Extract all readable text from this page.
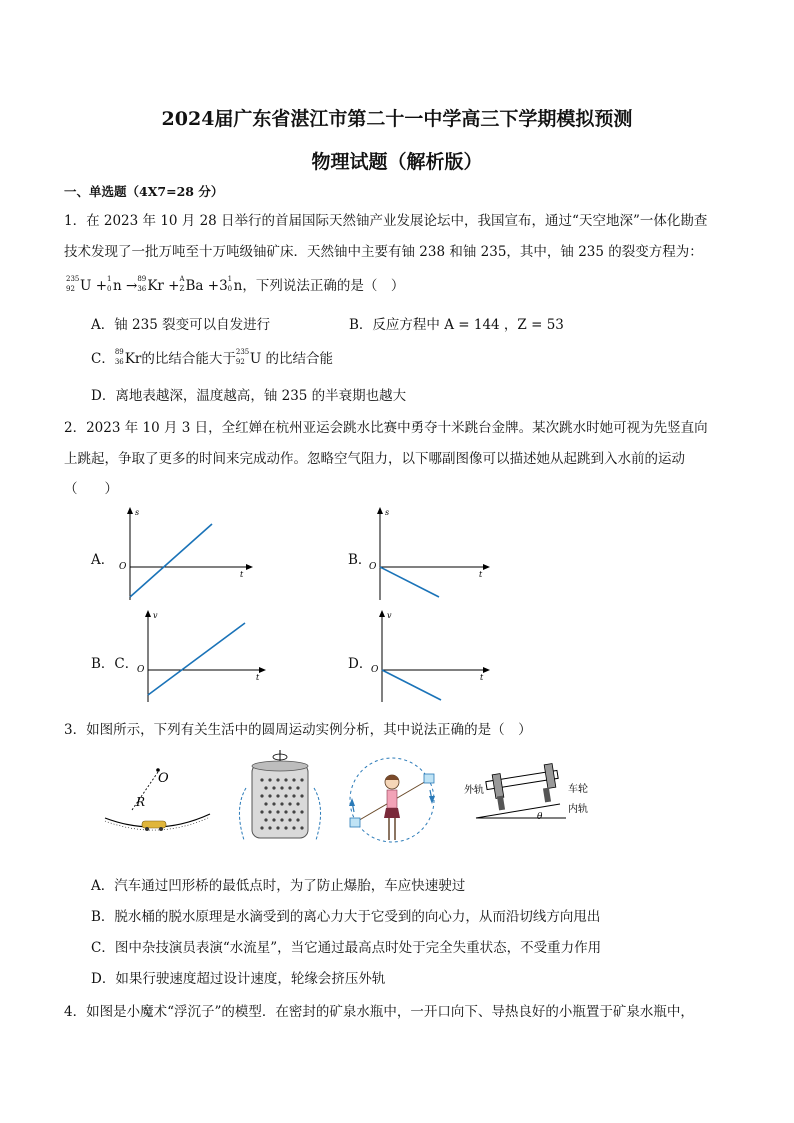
2024届广东省湛江市第二十一中学高三下学期模拟预测
物理试题（解析版）
一、单选题（4X7=28 分）
1．在 2023 年 10 月 28 日举行的首届国际天然铀产业发展论坛中，我国宣布，通过“天空地深”一体化勘查
技术发现了一批万吨至十万吨级铀矿床．天然铀中主要有铀 238 和铀 235，其中，铀 235 的裂变方程为：
235
92 U + 1
0 n → 89
36 Kr + A
Z Ba +3 1
0 n，下列说法正确的是（　）
A．铀 235 裂变可以自发进行	B．反应方程中 A = 144 ，Z = 53
C． 89
36 Kr的比结合能大于 235
92 U 的比结合能
D．离地表越深，温度越高，铀 235 的半衰期也越大
2．2023 年 10 月 3 日，全红婵在杭州亚运会跳水比赛中勇夺十米跳台金牌。某次跳水时她可视为先竖直向
上跳起，争取了更多的时间来完成动作。忽略空气阻力，以下哪副图像可以描述她从起跳到入水前的运动
（　　）
A．
s
t
O	B．
s
t
O
B．C．
v
t
O	D．
v
t
O
3．如图所示，下列有关生活中的圆周运动实例分析，其中说法正确的是（　）
O
R
外轨	车轮
内轨
θ
A．汽车通过凹形桥的最低点时，为了防止爆胎，车应快速驶过
B．脱水桶的脱水原理是水滴受到的离心力大于它受到的向心力，从而沿切线方向甩出
C．图中杂技演员表演“水流星”，当它通过最高点时处于完全失重状态，不受重力作用
D．如果行驶速度超过设计速度，轮缘会挤压外轨
4．如图是小魔术“浮沉子”的模型．在密封的矿泉水瓶中，一开口向下、导热良好的小瓶置于矿泉水瓶中，
